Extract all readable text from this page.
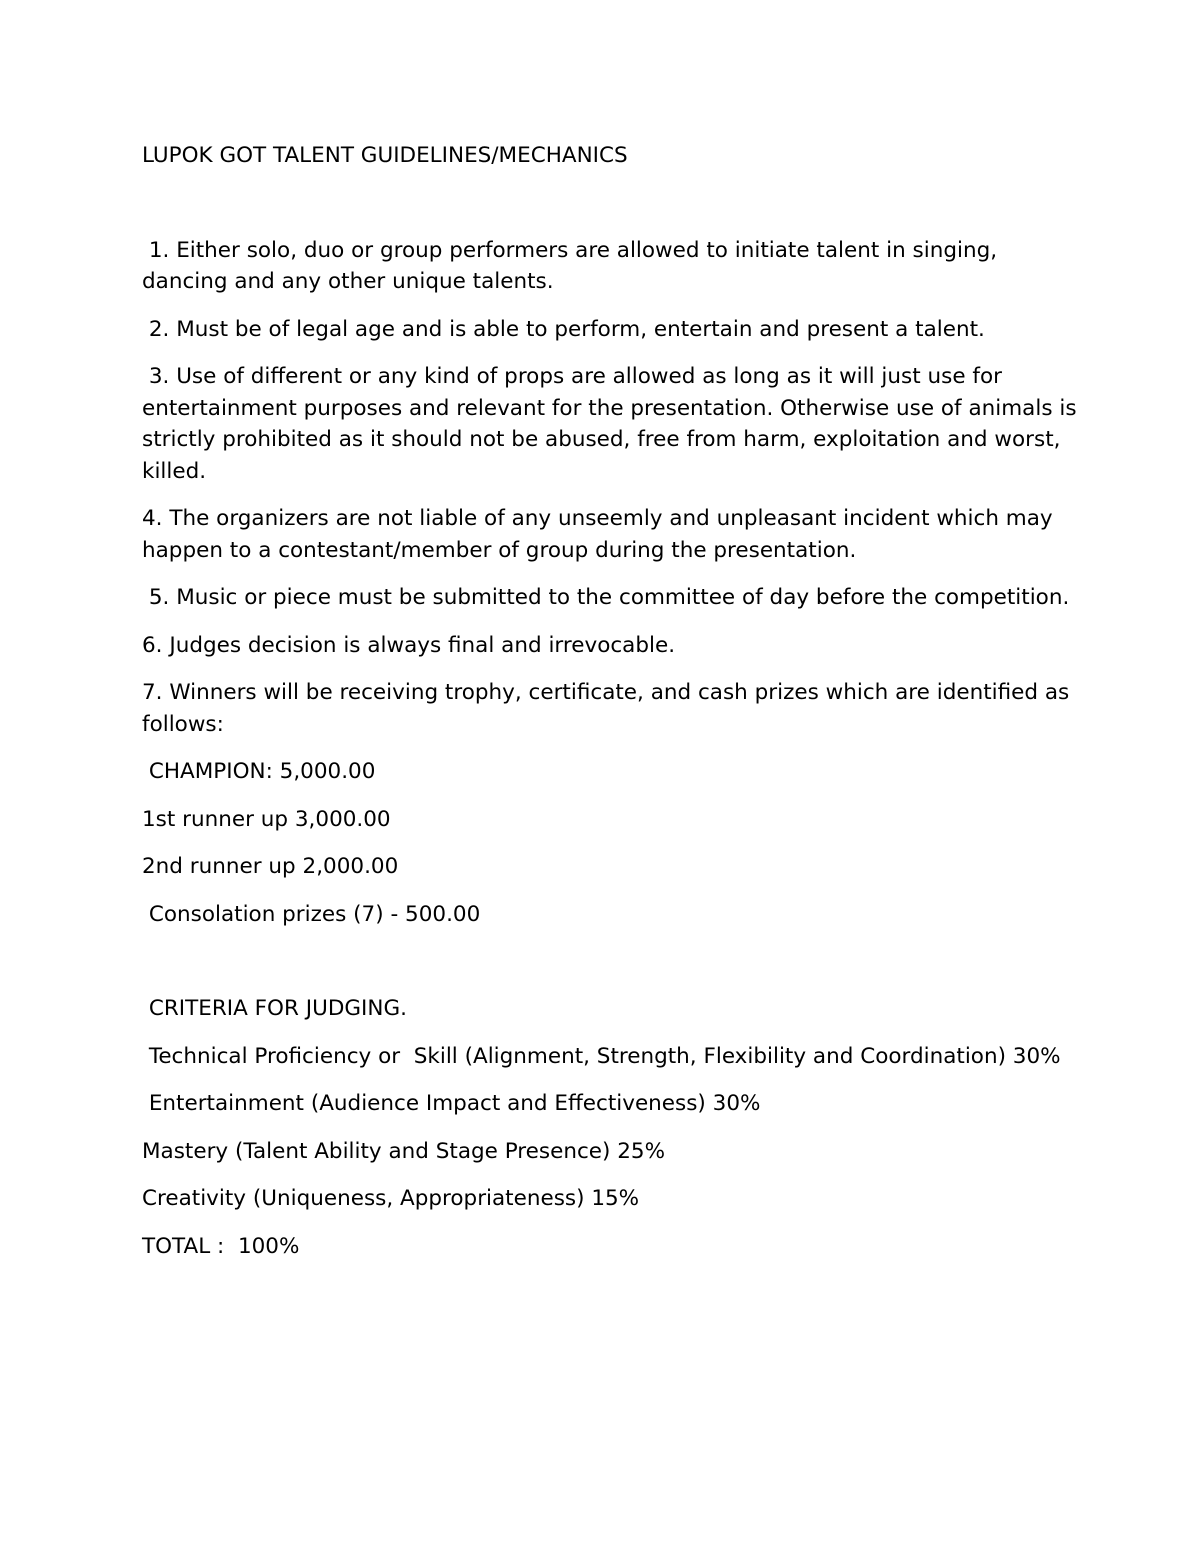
LUPOK GOT TALENT GUIDELINES/MECHANICS

1. Either solo, duo or group performers are allowed to initiate talent in singing, dancing and any other unique talents.

2. Must be of legal age and is able to perform, entertain and present a talent.

3. Use of different or any kind of props are allowed as long as it will just use for entertainment purposes and relevant for the presentation. Otherwise use of animals is strictly prohibited as it should not be abused, free from harm, exploitation and worst, killed.

4. The organizers are not liable of any unseemly and unpleasant incident which may happen to a contestant/member of group during the presentation.

5. Music or piece must be submitted to the committee of day before the competition.

6. Judges decision is always final and irrevocable.

7. Winners will be receiving trophy, certificate, and cash prizes which are identified as follows:

CHAMPION: 5,000.00

1st runner up 3,000.00

2nd runner up 2,000.00

Consolation prizes (7) - 500.00

CRITERIA FOR JUDGING.

Technical Proficiency or  Skill (Alignment, Strength, Flexibility and Coordination) 30%

Entertainment (Audience Impact and Effectiveness) 30%

Mastery (Talent Ability and Stage Presence) 25%

Creativity (Uniqueness, Appropriateness) 15%

TOTAL :  100%
